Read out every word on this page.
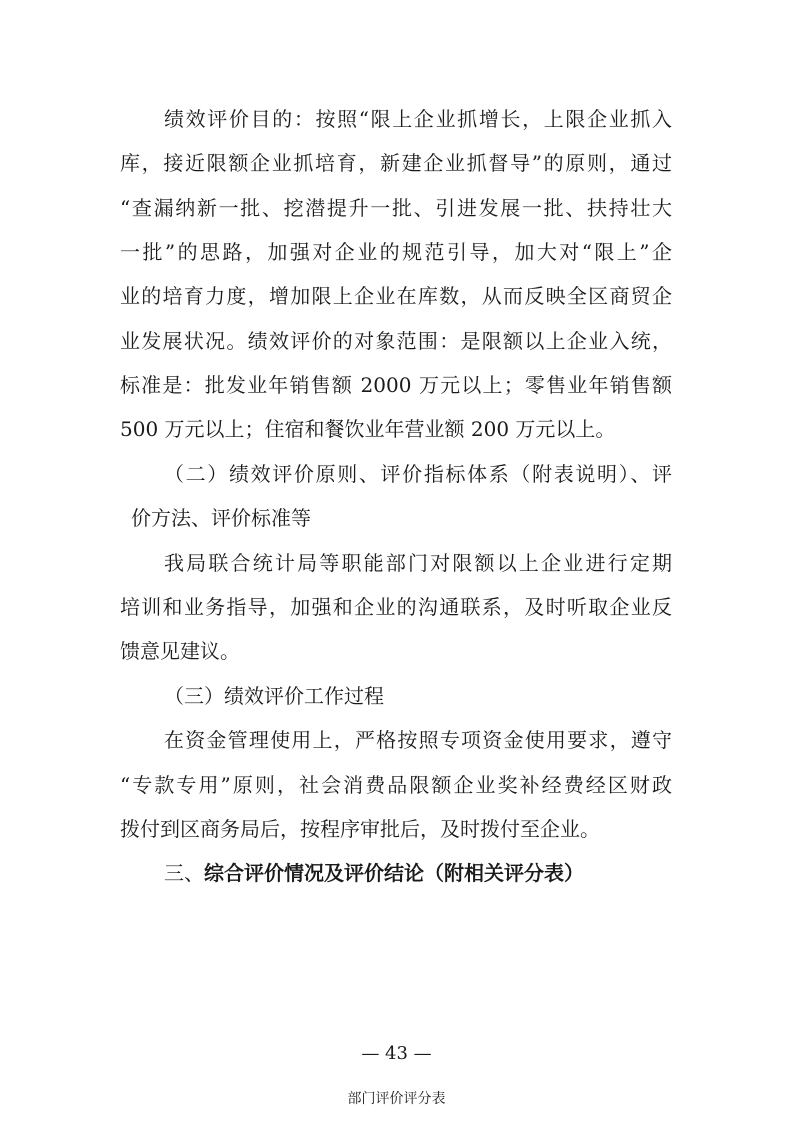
绩效评价目的：按照“限上企业抓增长，上限企业抓入
库，接近限额企业抓培育，新建企业抓督导”的原则，通过
“查漏纳新一批、挖潜提升一批、引进发展一批、扶持壮大
一批”的思路，加强对企业的规范引导，加大对“限上”企
业的培育力度，增加限上企业在库数，从而反映全区商贸企
业发展状况。绩效评价的对象范围：是限额以上企业入统，
标准是：批发业年销售额 2000 万元以上；零售业年销售额
500 万元以上；住宿和餐饮业年营业额 200 万元以上。
（二）绩效评价原则、评价指标体系（附表说明）、评
价方法、评价标准等
我局联合统计局等职能部门对限额以上企业进行定期
培训和业务指导，加强和企业的沟通联系，及时听取企业反
馈意见建议。
（三）绩效评价工作过程
在资金管理使用上，严格按照专项资金使用要求，遵守
“专款专用”原则，社会消费品限额企业奖补经费经区财政
拨付到区商务局后，按程序审批后，及时拨付至企业。
三、 综合评价情况及评价结论（附相关评分表）
— 43 —
部门评价评分表
